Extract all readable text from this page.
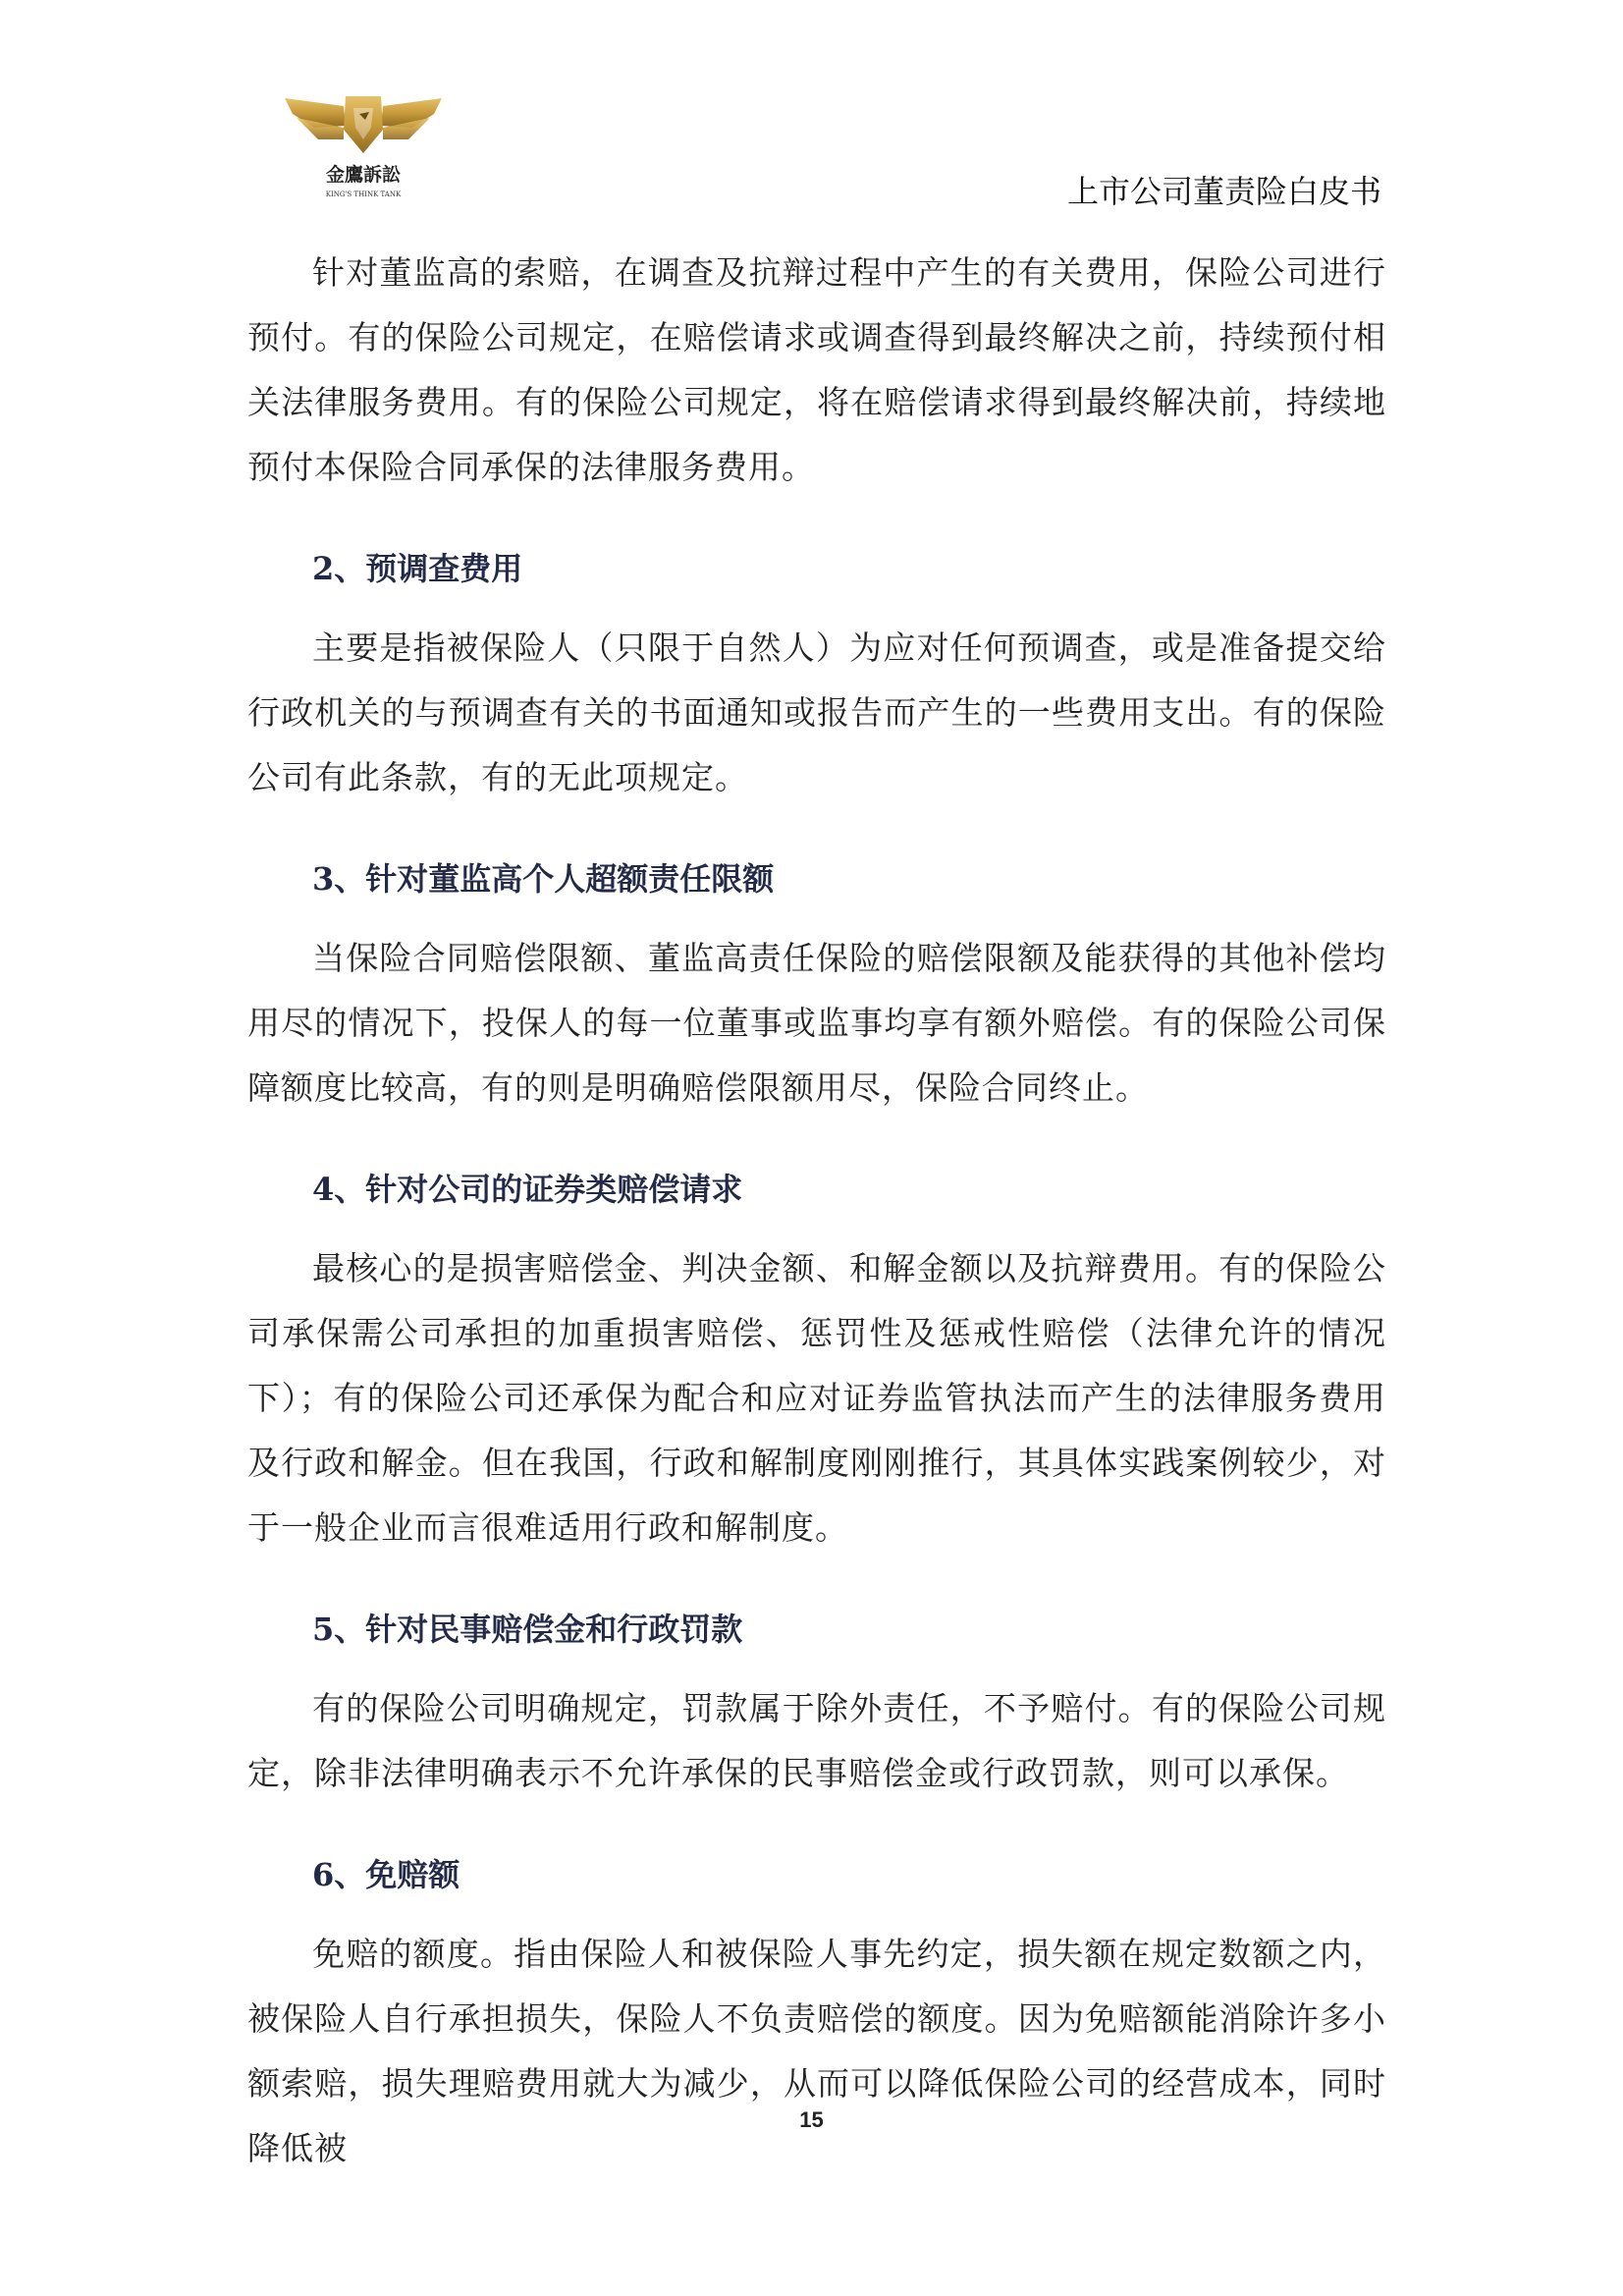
金鷹訴訟
KING'S THINK TANK	上市公司董责险白皮书

针对董监高的索赔，在调查及抗辩过程中产生的有关费用，保险公司进行预付。有的保险公司规定，在赔偿请求或调查得到最终解决之前，持续预付相关法律服务费用。有的保险公司规定，将在赔偿请求得到最终解决前，持续地预付本保险合同承保的法律服务费用。

2、预调查费用

主要是指被保险人（只限于自然人）为应对任何预调查，或是准备提交给行政机关的与预调查有关的书面通知或报告而产生的一些费用支出。有的保险公司有此条款，有的无此项规定。

3、针对董监高个人超额责任限额

当保险合同赔偿限额、董监高责任保险的赔偿限额及能获得的其他补偿均用尽的情况下，投保人的每一位董事或监事均享有额外赔偿。有的保险公司保障额度比较高，有的则是明确赔偿限额用尽，保险合同终止。

4、针对公司的证券类赔偿请求

最核心的是损害赔偿金、判决金额、和解金额以及抗辩费用。有的保险公司承保需公司承担的加重损害赔偿、惩罚性及惩戒性赔偿（法律允许的情况下）；有的保险公司还承保为配合和应对证券监管执法而产生的法律服务费用及行政和解金。但在我国，行政和解制度刚刚推行，其具体实践案例较少，对于一般企业而言很难适用行政和解制度。

5、针对民事赔偿金和行政罚款

有的保险公司明确规定，罚款属于除外责任，不予赔付。有的保险公司规定，除非法律明确表示不允许承保的民事赔偿金或行政罚款，则可以承保。

6、免赔额

免赔的额度。指由保险人和被保险人事先约定，损失额在规定数额之内，被保险人自行承担损失，保险人不负责赔偿的额度。因为免赔额能消除许多小额索赔，损失理赔费用就大为减少，从而可以降低保险公司的经营成本，同时降低被

15
